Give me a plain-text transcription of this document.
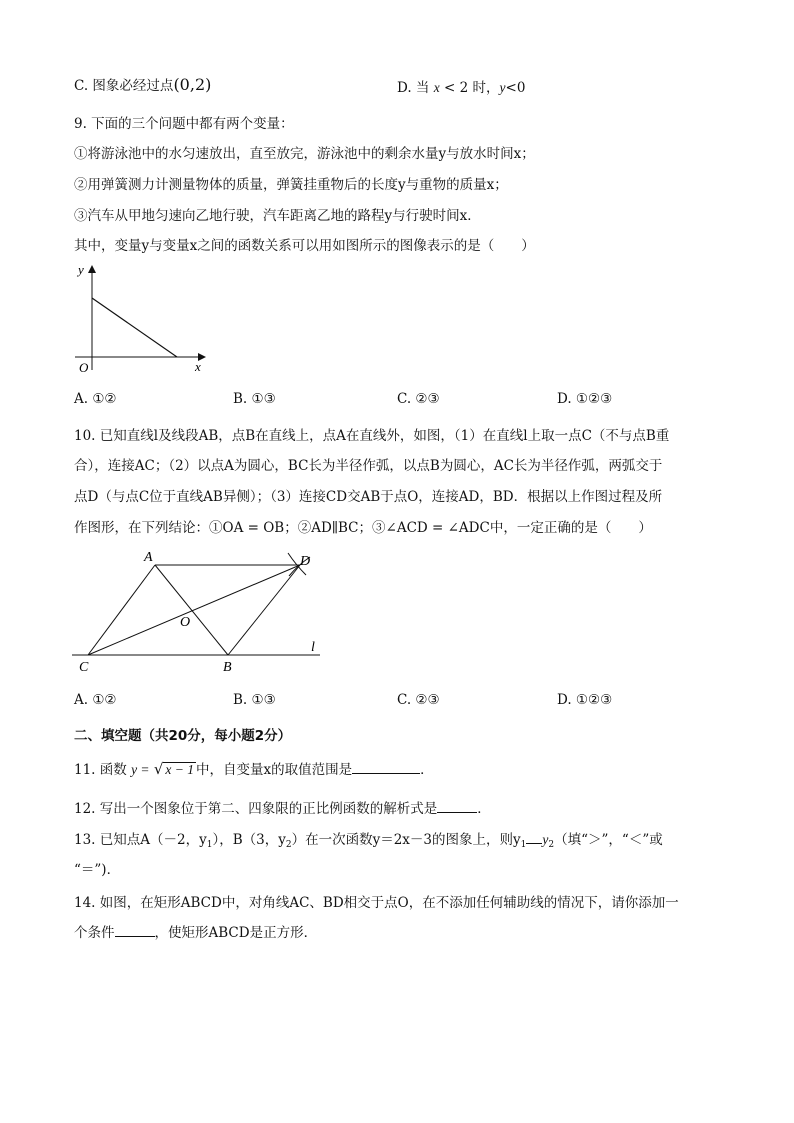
C. 图象必经过点(0,2)	D. 当 x < 2 时，y<0
9. 下面的三个问题中都有两个变量：
①将游泳池中的水匀速放出，直至放完，游泳池中的剩余水量y与放水时间x；
②用弹簧测力计测量物体的质量，弹簧挂重物后的长度y与重物的质量x；
③汽车从甲地匀速向乙地行驶，汽车距离乙地的路程y与行驶时间x．
其中，变量y与变量x之间的函数关系可以用如图所示的图像表示的是（　　）
y
x
O
A. ①②	B. ①③	C. ②③	D. ①②③
10. 已知直线l及线段AB，点B在直线上，点A在直线外，如图，（1）在直线l上取一点C（不与点B重
合），连接AC；（2）以点A为圆心，BC长为半径作弧，以点B为圆心，AC长为半径作弧，两弧交于
点D（与点C位于直线AB异侧）；（3）连接CD交AB于点O，连接AD，BD．根据以上作图过程及所
作图形，在下列结论：①OA = OB；②AD∥BC；③∠ACD = ∠ADC中，一定正确的是（　　）
A	D
O
C	B
l
A. ①②	B. ①③	C. ②③	D. ①②③
二、填空题（共20分，每小题2分）
11. 函数 y = √ x − 1 中，自变量x的取值范围是	．
12. 写出一个图象位于第二、四象限的正比例函数的解析式是	．
13. 已知点A（－2，$y_1$），B（3，$y_2$）在一次函数y＝2x－3的图象上，则$y_1$ $y_2$（填“＞”，“＜”或
“＝”)．
14. 如图，在矩形ABCD中，对角线AC、BD相交于点O，在不添加任何辅助线的情况下，请你添加一
个条件	，使矩形ABCD是正方形．
